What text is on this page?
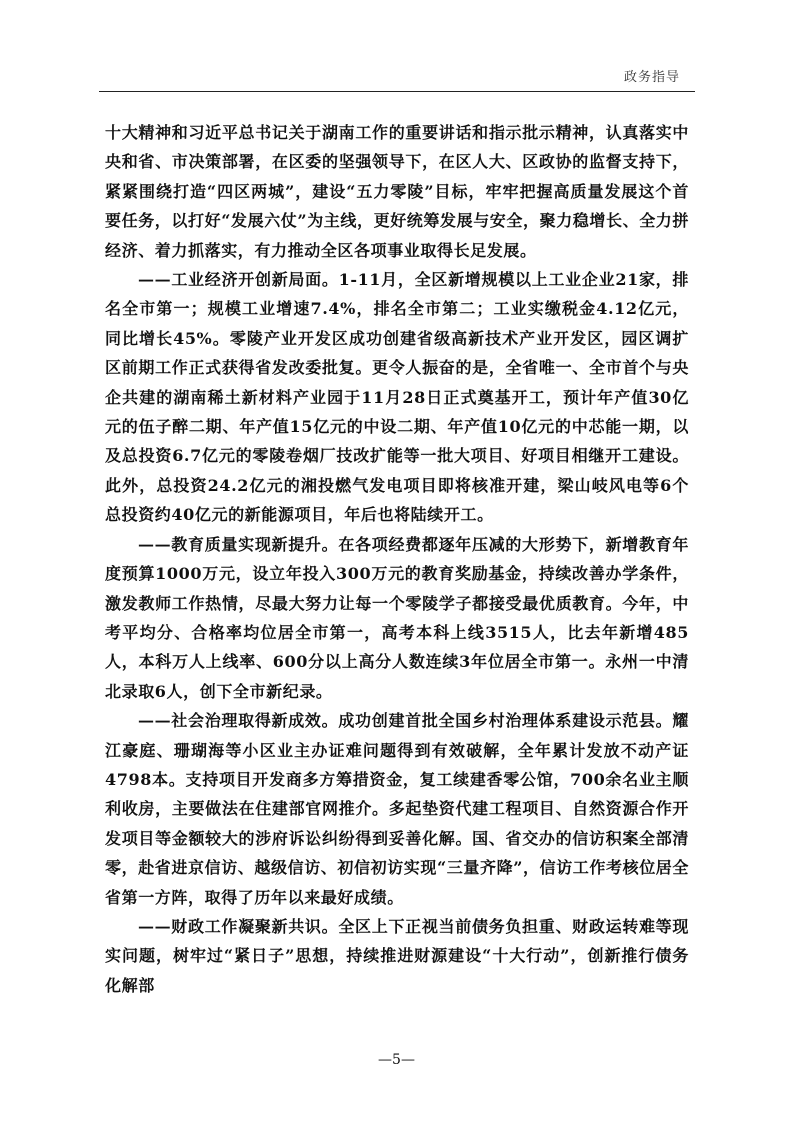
政务指导

十大精神和习近平总书记关于湖南工作的重要讲话和指示批示精神，认真落实中央和省、市决策部署，在区委的坚强领导下，在区人大、区政协的监督支持下，紧紧围绕打造“四区两城”，建设“五力零陵”目标，牢牢把握高质量发展这个首要任务，以打好“发展六仗”为主线，更好统筹发展与安全，聚力稳增长、全力拼经济、着力抓落实，有力推动全区各项事业取得长足发展。

——工业经济开创新局面。1-11月，全区新增规模以上工业企业21家，排名全市第一；规模工业增速7.4%，排名全市第二；工业实缴税金4.12亿元，同比增长45%。零陵产业开发区成功创建省级高新技术产业开发区，园区调扩区前期工作正式获得省发改委批复。更令人振奋的是，全省唯一、全市首个与央企共建的湖南稀土新材料产业园于11月28日正式奠基开工，预计年产值30亿元的伍子醉二期、年产值15亿元的中设二期、年产值10亿元的中芯能一期，以及总投资6.7亿元的零陵卷烟厂技改扩能等一批大项目、好项目相继开工建设。此外，总投资24.2亿元的湘投燃气发电项目即将核准开建，梁山岐风电等6个总投资约40亿元的新能源项目，年后也将陆续开工。

——教育质量实现新提升。在各项经费都逐年压减的大形势下，新增教育年度预算1000万元，设立年投入300万元的教育奖励基金，持续改善办学条件，激发教师工作热情，尽最大努力让每一个零陵学子都接受最优质教育。今年，中考平均分、合格率均位居全市第一，高考本科上线3515人，比去年新增485人，本科万人上线率、600分以上高分人数连续3年位居全市第一。永州一中清北录取6人，创下全市新纪录。

——社会治理取得新成效。成功创建首批全国乡村治理体系建设示范县。耀江豪庭、珊瑚海等小区业主办证难问题得到有效破解，全年累计发放不动产证4798本。支持项目开发商多方筹措资金，复工续建香零公馆，700余名业主顺利收房，主要做法在住建部官网推介。多起垫资代建工程项目、自然资源合作开发项目等金额较大的涉府诉讼纠纷得到妥善化解。国、省交办的信访积案全部清零，赴省进京信访、越级信访、初信初访实现“三量齐降”，信访工作考核位居全省第一方阵，取得了历年以来最好成绩。

——财政工作凝聚新共识。全区上下正视当前债务负担重、财政运转难等现实问题，树牢过“紧日子”思想，持续推进财源建设“十大行动”，创新推行债务化解部

—5—
